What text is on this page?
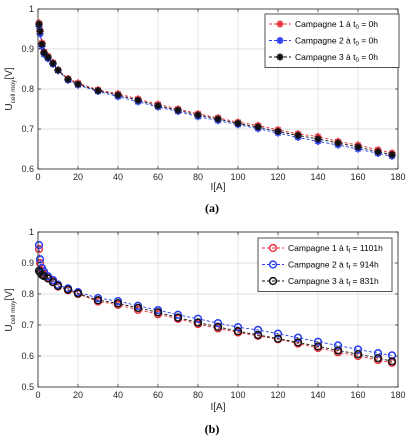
0	20	40	60	80	100	120	140	160	180
0.6
0.7
0.8
0.9
1
I[A]
$U_{cell moy}[V]$
Campagne 1 à $t_0 = 0h$
Campagne 2 à $t_0 = 0h$
Campagne 3 à $t_0 = 0h$
(a)
0	20	40	60	80	100	120	140	160	180
0.5
0.6
0.7
0.8
0.9
1
I[A]
$U_{cell moy}[V]$
Campagne 1 à $t_f = 1101h$
Campagne 2 à $t_f = 914h$
Campagne 3 à $t_f = 831h$
(b)
